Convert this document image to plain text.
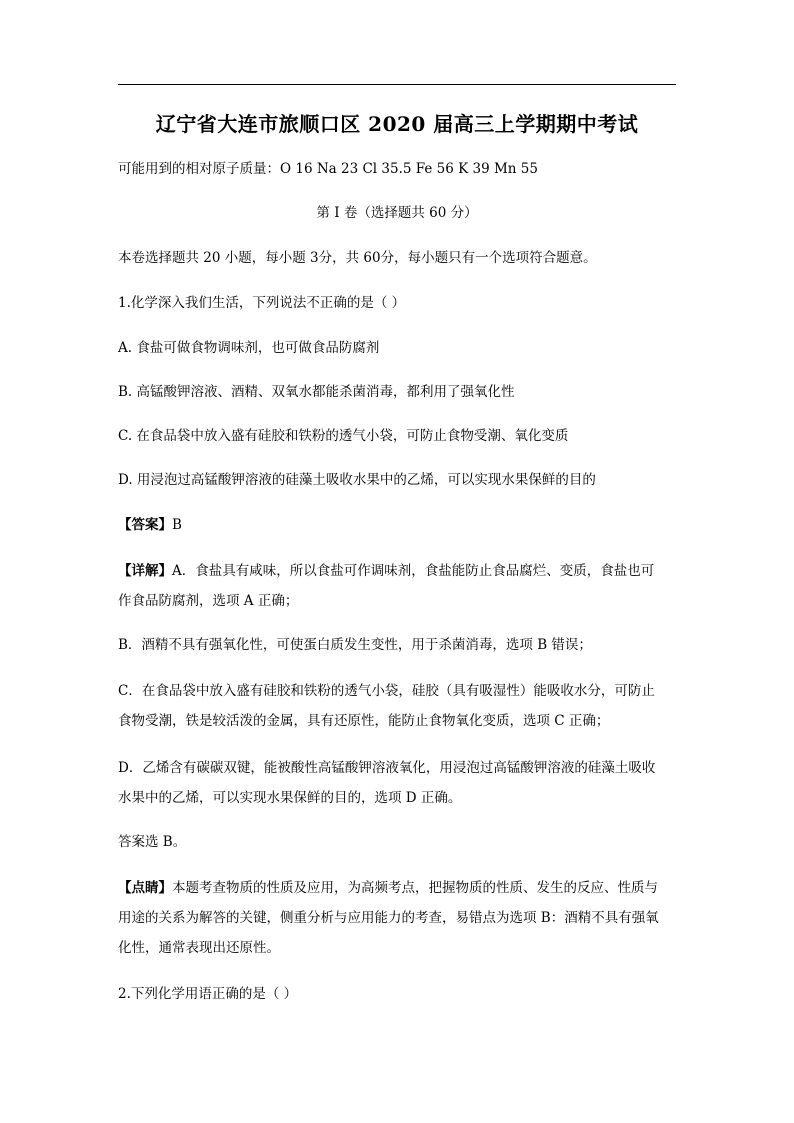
辽宁省大连市旅顺口区 2020 届高三上学期期中考试
可能用到的相对原子质量：O 16 Na 23 Cl 35.5 Fe 56 K 39 Mn 55
第 I 卷（选择题共 60 分）
本卷选择题共 20 小题，每小题 3分，共 60分，每小题只有一个选项符合题意。
1.化学深入我们生活，下列说法不正确的是（ ）
A. 食盐可做食物调味剂，也可做食品防腐剂
B. 高锰酸钾溶液、酒精、双氧水都能杀菌消毒，都利用了强氧化性
C. 在食品袋中放入盛有硅胶和铁粉的透气小袋，可防止食物受潮、氧化变质
D. 用浸泡过高锰酸钾溶液的硅藻土吸收水果中的乙烯，可以实现水果保鲜的目的
【答案】B
【详解】A．食盐具有咸味，所以食盐可作调味剂，食盐能防止食品腐烂、变质，食盐也可
作食品防腐剂，选项 A 正确；
B．酒精不具有强氧化性，可使蛋白质发生变性，用于杀菌消毒，选项 B 错误；
C．在食品袋中放入盛有硅胶和铁粉的透气小袋，硅胶（具有吸湿性）能吸收水分，可防止
食物受潮，铁是较活泼的金属，具有还原性，能防止食物氧化变质，选项 C 正确；
D．乙烯含有碳碳双键，能被酸性高锰酸钾溶液氧化，用浸泡过高锰酸钾溶液的硅藻土吸收
水果中的乙烯，可以实现水果保鲜的目的，选项 D 正确。
答案选 B。
【点睛】本题考查物质的性质及应用，为高频考点，把握物质的性质、发生的反应、性质与
用途的关系为解答的关键，侧重分析与应用能力的考查，易错点为选项 B：酒精不具有强氧
化性，通常表现出还原性。
2.下列化学用语正确的是（ ）
